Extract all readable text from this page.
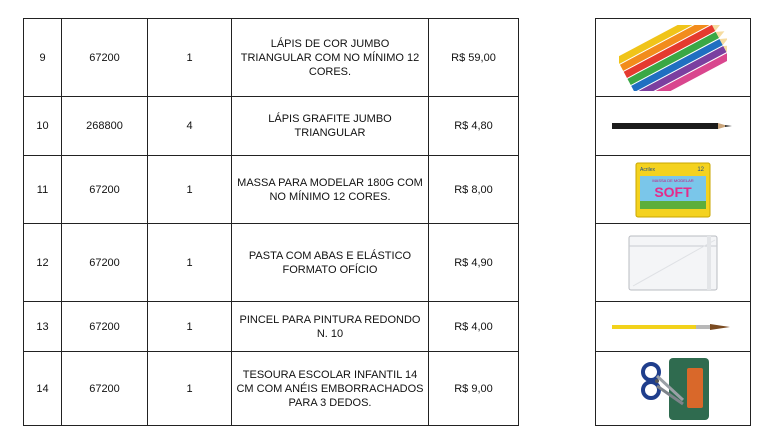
9	67200	1	LÁPIS DE COR JUMBO TRIANGULAR COM NO MÍNIMO 12 CORES.	R$ 59,00
10	268800	4	LÁPIS GRAFITE JUMBO TRIANGULAR	R$ 4,80
11	67200	1	MASSA PARA MODELAR 180G COM NO MÍNIMO 12 CORES.	R$ 8,00
12	67200	1	PASTA COM ABAS E ELÁSTICO FORMATO OFÍCIO	R$ 4,90
13	67200	1	PINCEL PARA PINTURA REDONDO N. 10	R$ 4,00
14	67200	1	TESOURA ESCOLAR INFANTIL 14 CM COM ANÉIS EMBORRACHADOS PARA 3 DEDOS.	R$ 9,00

Acrilex	12
MASSA DE MODELAR
SOFT
